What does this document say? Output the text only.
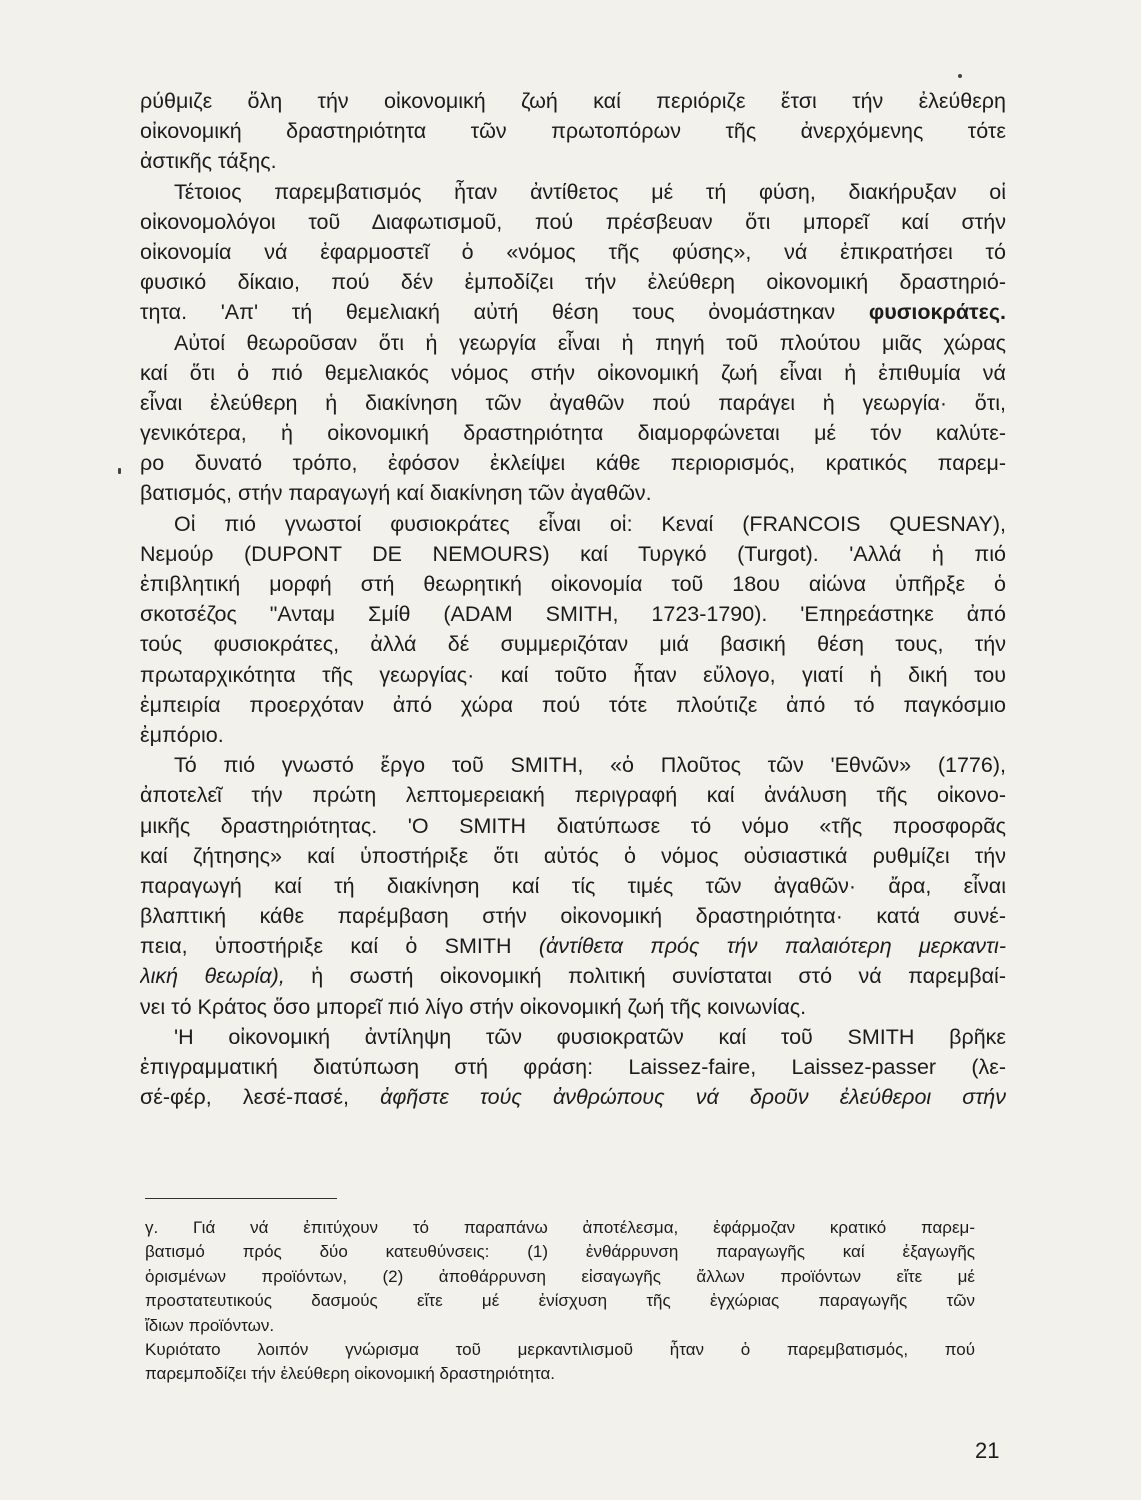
ρύθμιζε ὅλη τήν οἰκονομική ζωή καί περιόριζε ἔτσι τήν ἐλεύθερη
οἰκονομική δραστηριότητα τῶν πρωτοπόρων τῆς ἀνερχόμενης τότε
ἀστικῆς τάξης.
Τέτοιος παρεμβατισμός ἦταν ἀντίθετος μέ τή φύση, διακήρυξαν οἱ
οἰκονομολόγοι τοῦ Διαφωτισμοῦ, πού πρέσβευαν ὅτι μπορεῖ καί στήν
οἰκονομία νά ἐφαρμοστεῖ ὁ «νόμος τῆς φύσης», νά ἐπικρατήσει τό
φυσικό δίκαιο, πού δέν ἐμποδίζει τήν ἐλεύθερη οἰκονομική δραστηριό-
τητα. 'Απ' τή θεμελιακή αὐτή θέση τους ὀνομάστηκαν φυσιοκράτες.
Αὐτοί θεωροῦσαν ὅτι ἡ γεωργία εἶναι ἡ πηγή τοῦ πλούτου μιᾶς χώρας
καί ὅτι ὁ πιό θεμελιακός νόμος στήν οἰκονομική ζωή εἶναι ἡ ἐπιθυμία νά
εἶναι ἐλεύθερη ἡ διακίνηση τῶν ἀγαθῶν πού παράγει ἡ γεωργία· ὅτι,
γενικότερα, ἡ οἰκονομική δραστηριότητα διαμορφώνεται μέ τόν καλύτε-
ρο δυνατό τρόπο, ἐφόσον ἐκλείψει κάθε περιορισμός, κρατικός παρεμ-
βατισμός, στήν παραγωγή καί διακίνηση τῶν ἀγαθῶν.
Οἱ πιό γνωστοί φυσιοκράτες εἶναι οἱ: Κεναί (FRANCOIS QUESNAY),
Νεμούρ (DUPONT DE NEMOURS) καί Τυργκό (Turgot). 'Αλλά ἡ πιό
ἐπιβλητική μορφή στή θεωρητική οἰκονομία τοῦ 18ου αἰώνα ὑπῆρξε ὁ
σκοτσέζος "Ανταμ Σμίθ (ADAM SMITH, 1723-1790). 'Επηρεάστηκε ἀπό
τούς φυσιοκράτες, ἀλλά δέ συμμεριζόταν μιά βασική θέση τους, τήν
πρωταρχικότητα τῆς γεωργίας· καί τοῦτο ἦταν εὔλογο, γιατί ἡ δική του
ἐμπειρία προερχόταν ἀπό χώρα πού τότε πλούτιζε ἀπό τό παγκόσμιο
ἐμπόριο.
Τό πιό γνωστό ἔργο τοῦ SMITH, «ὁ Πλοῦτος τῶν 'Εθνῶν» (1776),
ἀποτελεῖ τήν πρώτη λεπτομερειακή περιγραφή καί ἀνάλυση τῆς οἰκονο-
μικῆς δραστηριότητας. 'Ο SMITH διατύπωσε τό νόμο «τῆς προσφορᾶς
καί ζήτησης» καί ὑποστήριξε ὅτι αὐτός ὁ νόμος οὐσιαστικά ρυθμίζει τήν
παραγωγή καί τή διακίνηση καί τίς τιμές τῶν ἀγαθῶν· ἄρα, εἶναι
βλαπτική κάθε παρέμβαση στήν οἰκονομική δραστηριότητα· κατά συνέ-
πεια, ὑποστήριξε καί ὁ SMITH (ἀντίθετα πρός τήν παλαιότερη μερκαντι-
λική θεωρία), ἡ σωστή οἰκονομική πολιτική συνίσταται στό νά παρεμβαί-
νει τό Κράτος ὅσο μπορεῖ πιό λίγο στήν οἰκονομική ζωή τῆς κοινωνίας.
'Η οἰκονομική ἀντίληψη τῶν φυσιοκρατῶν καί τοῦ SMITH βρῆκε
ἐπιγραμματική διατύπωση στή φράση: Laissez-faire, Laissez-passer (λε-
σέ-φέρ, λεσέ-πασέ, ἀφῆστε τούς ἀνθρώπους νά δροῦν ἐλεύθεροι στήν
γ. Γιά νά ἐπιτύχουν τό παραπάνω ἀποτέλεσμα, ἐφάρμοζαν κρατικό παρεμ-
βατισμό πρός δύο κατευθύνσεις: (1) ἐνθάρρυνση παραγωγῆς καί ἐξαγωγῆς
ὁρισμένων προϊόντων, (2) ἀποθάρρυνση εἰσαγωγῆς ἄλλων προϊόντων εἴτε μέ
προστατευτικούς δασμούς εἴτε μέ ἐνίσχυση τῆς ἐγχώριας παραγωγῆς τῶν
ἴδιων προϊόντων.
Κυριότατο λοιπόν γνώρισμα τοῦ μερκαντιλισμοῦ ἦταν ὁ παρεμβατισμός, πού
παρεμποδίζει τήν ἐλεύθερη οἰκονομική δραστηριότητα.
21
